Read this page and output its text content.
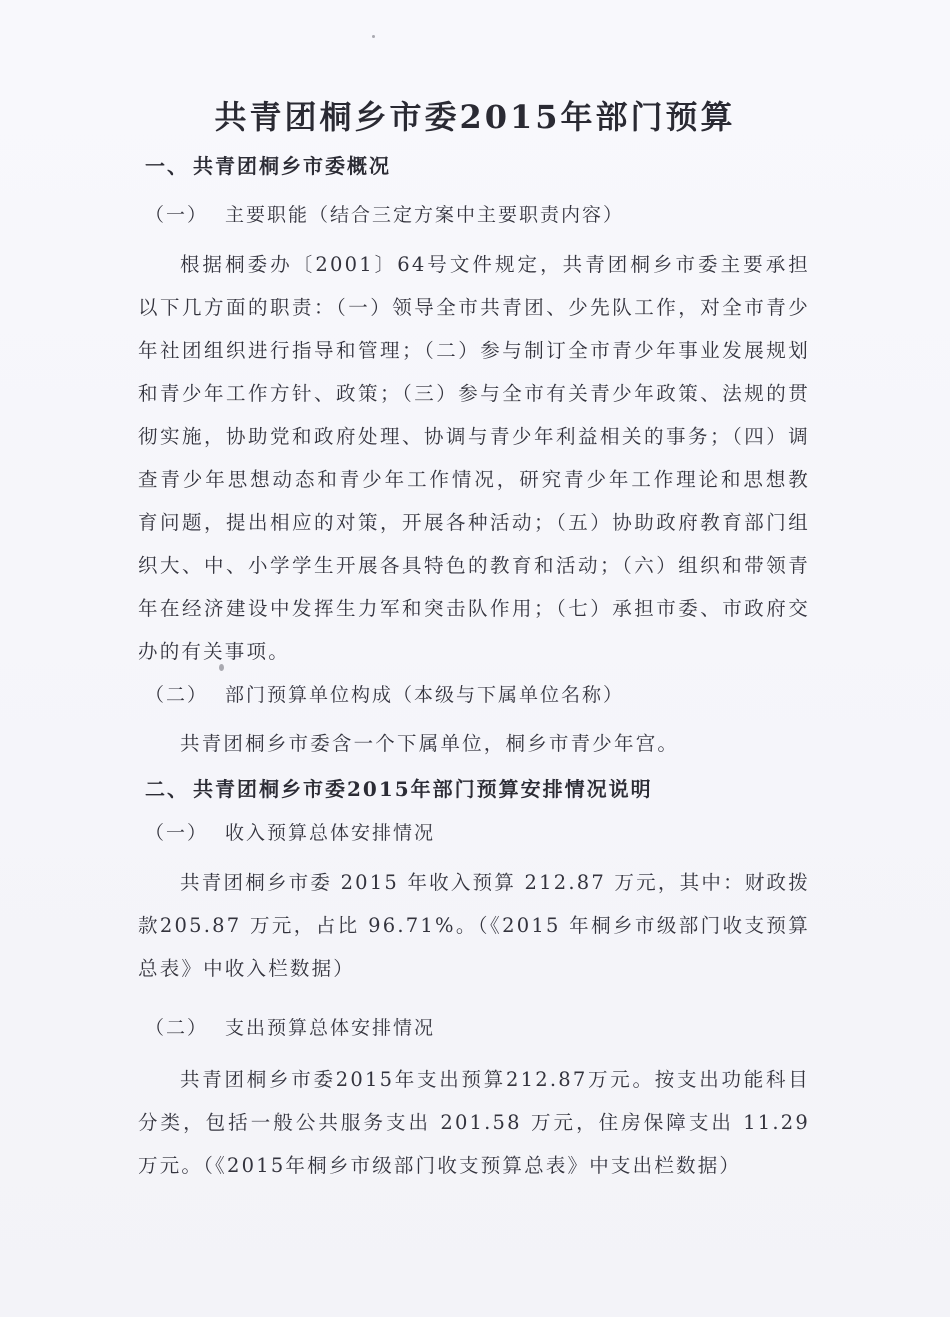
共青团桐乡市委2015年部门预算
一、 共青团桐乡市委概况
（一） 主要职能（结合三定方案中主要职责内容）
根据桐委办〔2001〕64号文件规定，共青团桐乡市委主要承担以下几方面的职责：（一）领导全市共青团、少先队工作，对全市青少年社团组织进行指导和管理；（二）参与制订全市青少年事业发展规划和青少年工作方针、政策；（三）参与全市有关青少年政策、法规的贯彻实施，协助党和政府处理、协调与青少年利益相关的事务；（四）调查青少年思想动态和青少年工作情况，研究青少年工作理论和思想教育问题，提出相应的对策，开展各种活动；（五）协助政府教育部门组织大、中、小学学生开展各具特色的教育和活动；（六）组织和带领青年在经济建设中发挥生力军和突击队作用；（七）承担市委、市政府交办的有关事项。
（二） 部门预算单位构成（本级与下属单位名称）
共青团桐乡市委含一个下属单位，桐乡市青少年宫。
二、 共青团桐乡市委2015年部门预算安排情况说明
（一） 收入预算总体安排情况
共青团桐乡市委 2015 年收入预算 212.87 万元，其中：财政拨款205.87 万元，占比 96.71%。（《2015 年桐乡市级部门收支预算总表》中收入栏数据）
（二） 支出预算总体安排情况
共青团桐乡市委2015年支出预算212.87万元。按支出功能科目分类，包括一般公共服务支出 201.58 万元，住房保障支出 11.29 万元。（《2015年桐乡市级部门收支预算总表》中支出栏数据）
